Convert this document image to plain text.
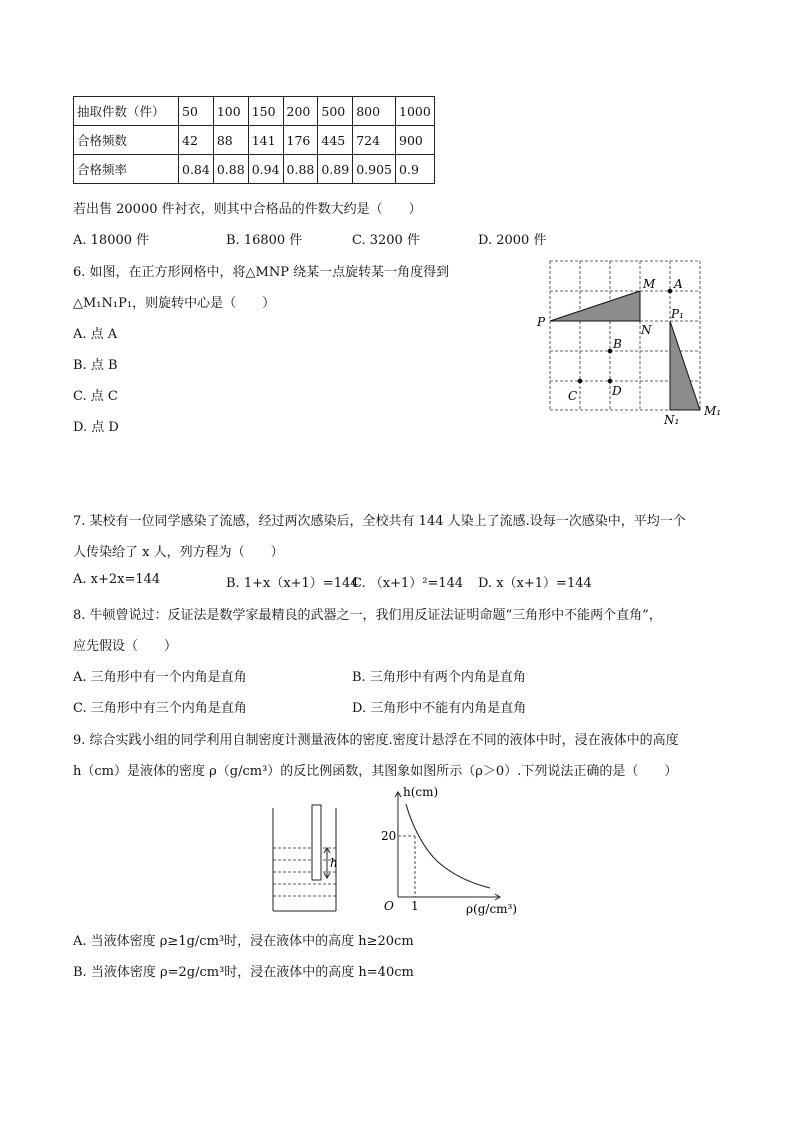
抽取件数（件）	50	100	150	200	500	800	1000
合格频数	42	88	141	176	445	724	900
合格频率	0.84	0.88	0.94	0.88	0.89	0.905	0.9
若出售 20000 件衬衣，则其中合格品的件数大约是（　　）
A. 18000 件	B. 16800 件	C. 3200 件	D. 2000 件
6. 如图，在正方形网格中，将△MNP 绕某一点旋转某一角度得到
△M₁N₁P₁，则旋转中心是（　　）
A. 点 A
B. 点 B
C. 点 C
D. 点 D
M A
P
N
P₁
B
C	D
N₁
M₁
7. 某校有一位同学感染了流感，经过两次感染后，全校共有 144 人染上了流感.设每一次感染中，平均一个
人传染给了 x 人，列方程为（　　）
A. x+2x=144	B. 1+x（x+1）=144
C. （x+1）²=144 D. x（x+1）=144
8. 牛顿曾说过：反证法是数学家最精良的武器之一，我们用反证法证明命题“三角形中不能两个直角”，
应先假设（　　）
A. 三角形中有一个内角是直角	B. 三角形中有两个内角是直角
C. 三角形中有三个内角是直角	D. 三角形中不能有内角是直角
9. 综合实践小组的同学利用自制密度计测量液体的密度.密度计悬浮在不同的液体中时，浸在液体中的高度
h（cm）是液体的密度 ρ（g/cm³）的反比例函数，其图象如图所示（ρ＞0）.下列说法正确的是（　　）
h
h(cm)
ρ(g/cm³)
O
20
1
A. 当液体密度 ρ≥1g/cm³时，浸在液体中的高度 h≥20cm
B. 当液体密度 ρ=2g/cm³时，浸在液体中的高度 h=40cm
